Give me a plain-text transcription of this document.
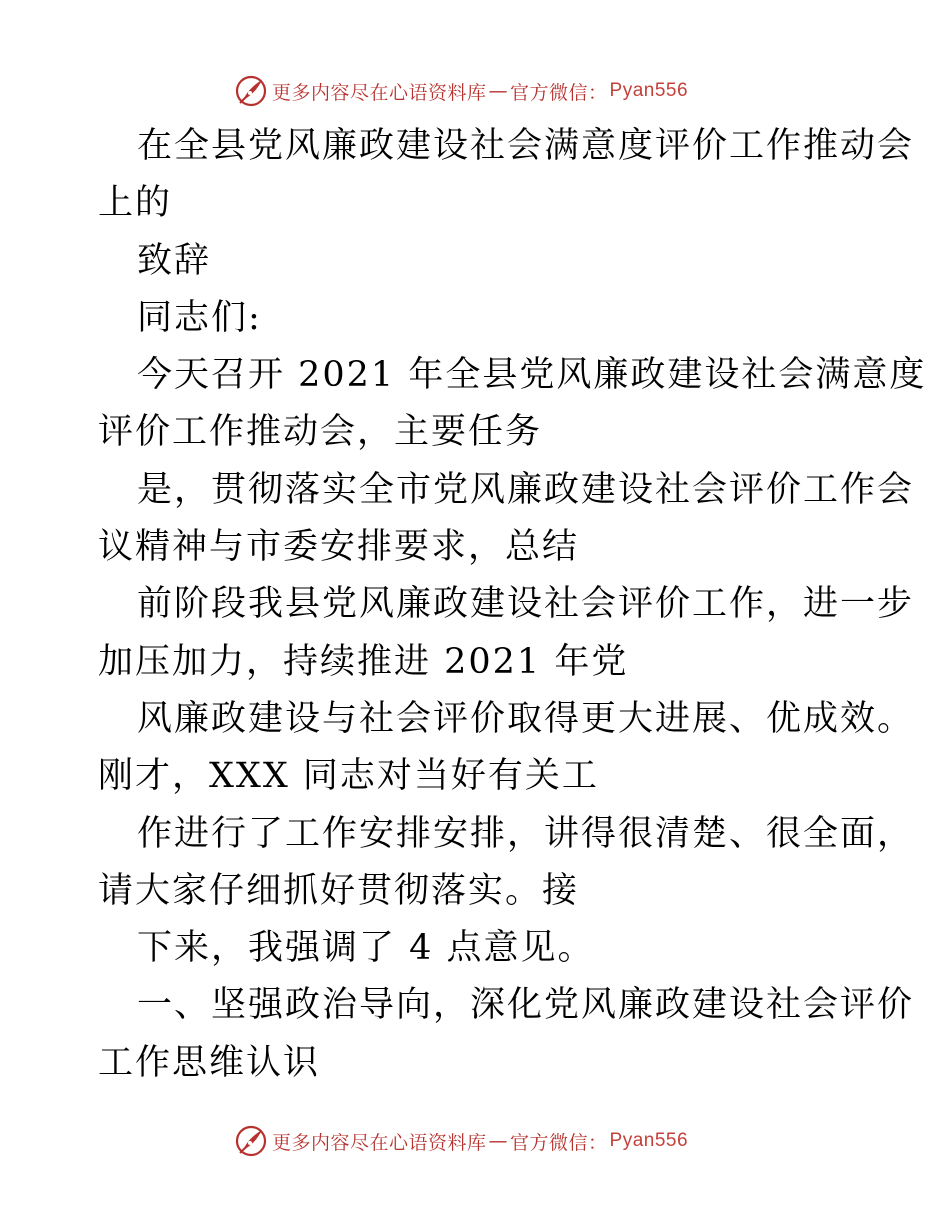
更多内容尽在心语资料库 — 官方微信： Pyan556
在全县党风廉政建设社会满意度评价工作推动会
上的
致辞
同志们:
今天召开 2021 年全县党风廉政建设社会满意度
评价工作推动会，主要任务
是，贯彻落实全市党风廉政建设社会评价工作会
议精神与市委安排要求，总结
前阶段我县党风廉政建设社会评价工作，进一步
加压加力，持续推进 2021 年党
风廉政建设与社会评价取得更大进展、优成效。
刚才，XXX 同志对当好有关工
作进行了工作安排安排，讲得很清楚、很全面，
请大家仔细抓好贯彻落实。接
下来，我强调了 4 点意见。
一、坚强政治导向，深化党风廉政建设社会评价
工作思维认识
更多内容尽在心语资料库 — 官方微信： Pyan556
